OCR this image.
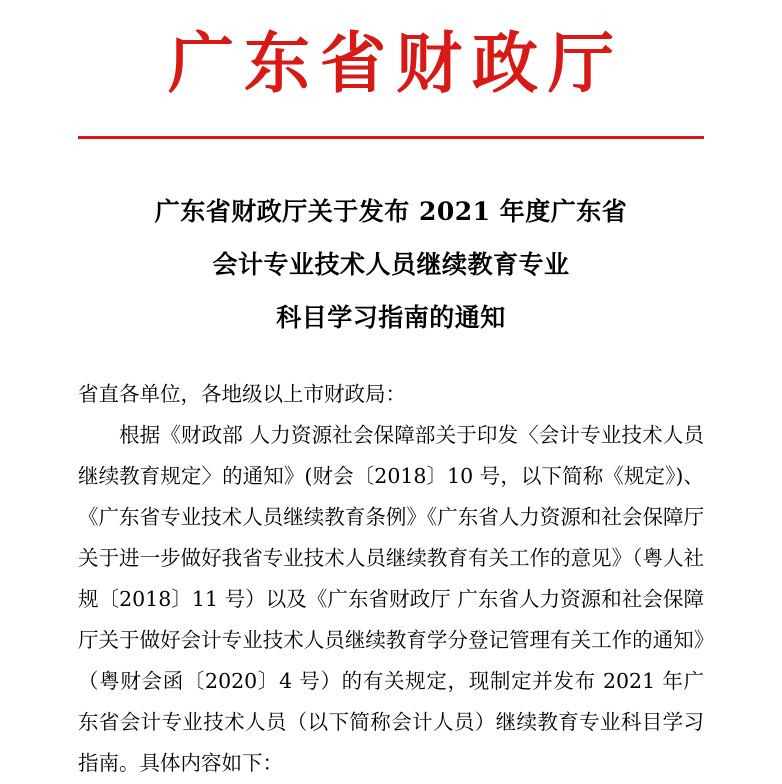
广东省财政厅
广东省财政厅关于发布 2021 年度广东省
会计专业技术人员继续教育专业
科目学习指南的通知

省直各单位，各地级以上市财政局：

根据《财政部 人力资源社会保障部关于印发〈会计专业技术人员继续教育规定〉的通知》(财会〔2018〕10 号，以下简称《规定》)、《广东省专业技术人员继续教育条例》《广东省人力资源和社会保障厅关于进一步做好我省专业技术人员继续教育有关工作的意见》（粤人社规〔2018〕11 号）以及《广东省财政厅 广东省人力资源和社会保障厅关于做好会计专业技术人员继续教育学分登记管理有关工作的通知》（粤财会函〔2020〕4 号）的有关规定，现制定并发布 2021 年广东省会计专业技术人员（以下简称会计人员）继续教育专业科目学习指南。具体内容如下：
